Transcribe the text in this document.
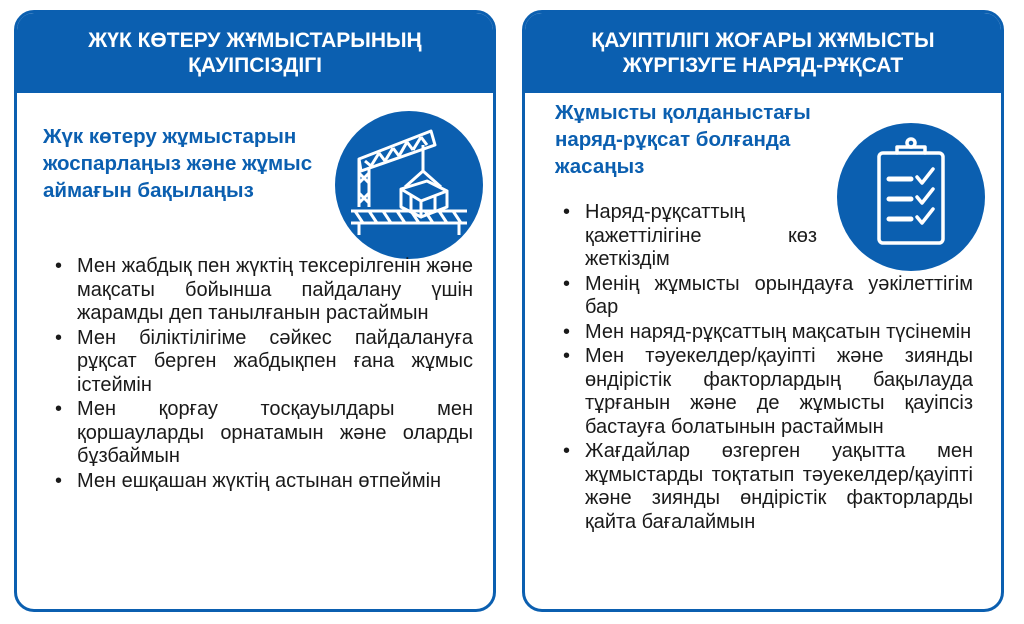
ЖҮК КӨТЕРУ ЖҰМЫСТАРЫНЫҢ
ҚАУІПСІЗДІГІ
Жүк көтеру жұмыстарын жоспарлаңыз және жұмыс аймағын бақылаңыз
• Мен жабдық пен жүктің тексерілгенін және мақсаты бойынша пайдалану үшін жарамды деп танылғанын растаймын
• Мен біліктілігіме сәйкес пайдалануға рұқсат берген жабдықпен ғана жұмыс істеймін
• Мен қорғау тосқауылдары мен қоршауларды орнатамын және оларды бұзбаймын
• Мен ешқашан жүктің астынан өтпеймін
ҚАУІПТІЛІГІ ЖОҒАРЫ ЖҰМЫСТЫ
ЖҮРГІЗУГЕ НАРЯД-РҰҚСАТ
Жұмысты қолданыстағы наряд-рұқсат болғанда жасаңыз
• Наряд-рұқсаттың қажеттілігіне көз жеткіздім
• Менің жұмысты орындауға уәкілеттігім бар
• Мен наряд-рұқсаттың мақсатын түсінемін
• Мен тәуекелдер/қауіпті және зиянды өндірістік факторлардың бақылауда тұрғанын және де жұмысты қауіпсіз бастауға болатынын растаймын
• Жағдайлар өзгерген уақытта мен жұмыстарды тоқтатып тәуекелдер/қауіпті және зиянды өндірістік факторларды қайта бағалаймын
